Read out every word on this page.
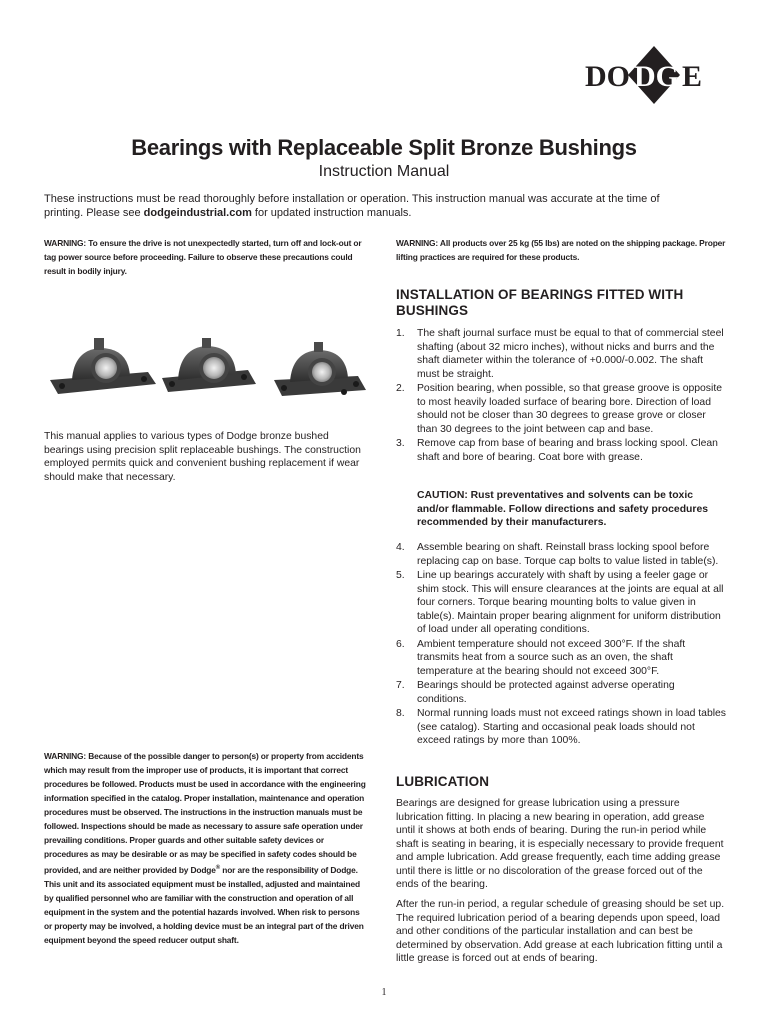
DO DG E
Bearings with Replaceable Split Bronze Bushings
Instruction Manual
These instructions must be read thoroughly before installation or operation. This instruction manual was accurate at the time of printing. Please see dodgeindustrial.com for updated instruction manuals.
WARNING: To ensure the drive is not unexpectedly started, turn off and lock-out or tag power source before proceeding. Failure to observe these precautions could result in bodily injury.
WARNING: All products over 25 kg (55 lbs) are noted on the shipping package. Proper lifting practices are required for these products.
This manual applies to various types of Dodge bronze bushed bearings using precision split replaceable bushings. The construction employed permits quick and convenient bushing replacement if wear should make that necessary.
WARNING: Because of the possible danger to person(s) or property from accidents which may result from the improper use of products, it is important that correct procedures be followed. Products must be used in accordance with the engineering information specified in the catalog. Proper installation, maintenance and operation procedures must be observed. The instructions in the instruction manuals must be followed. Inspections should be made as necessary to assure safe operation under prevailing conditions. Proper guards and other suitable safety devices or procedures as may be desirable or as may be specified in safety codes should be provided, and are neither provided by Dodge® nor are the responsibility of Dodge. This unit and its associated equipment must be installed, adjusted and maintained by qualified personnel who are familiar with the construction and operation of all equipment in the system and the potential hazards involved. When risk to persons or property may be involved, a holding device must be an integral part of the driven equipment beyond the speed reducer output shaft.
INSTALLATION OF BEARINGS FITTED WITH BUSHINGS
1. The shaft journal surface must be equal to that of commercial steel shafting (about 32 micro inches), without nicks and burrs and the shaft diameter within the tolerance of +0.000/-0.002. The shaft must be straight.
2. Position bearing, when possible, so that grease groove is opposite to most heavily loaded surface of bearing bore. Direction of load should not be closer than 30 degrees to grease grove or closer than 30 degrees to the joint between cap and base.
3. Remove cap from base of bearing and brass locking spool. Clean shaft and bore of bearing. Coat bore with grease.
CAUTION: Rust preventatives and solvents can be toxic and/or flammable. Follow directions and safety procedures recommended by their manufacturers.
4. Assemble bearing on shaft. Reinstall brass locking spool before replacing cap on base. Torque cap bolts to value listed in table(s).
5. Line up bearings accurately with shaft by using a feeler gage or shim stock. This will ensure clearances at the joints are equal at all four corners. Torque bearing mounting bolts to value given in table(s). Maintain proper bearing alignment for uniform distribution of load under all operating conditions.
6. Ambient temperature should not exceed 300°F. If the shaft transmits heat from a source such as an oven, the shaft temperature at the bearing should not exceed 300°F.
7. Bearings should be protected against adverse operating conditions.
8. Normal running loads must not exceed ratings shown in load tables (see catalog). Starting and occasional peak loads should not exceed ratings by more than 100%.
LUBRICATION

Bearings are designed for grease lubrication using a pressure lubrication fitting. In placing a new bearing in operation, add grease until it shows at both ends of bearing. During the run-in period while shaft is seating in bearing, it is especially necessary to provide frequent and ample lubrication. Add grease frequently, each time adding grease until there is little or no discoloration of the grease forced out of the ends of the bearing.

After the run-in period, a regular schedule of greasing should be set up. The required lubrication period of a bearing depends upon speed, load and other conditions of the particular installation and can best be determined by observation. Add grease at each lubrication fitting until a little grease is forced out at ends of bearing.

1
